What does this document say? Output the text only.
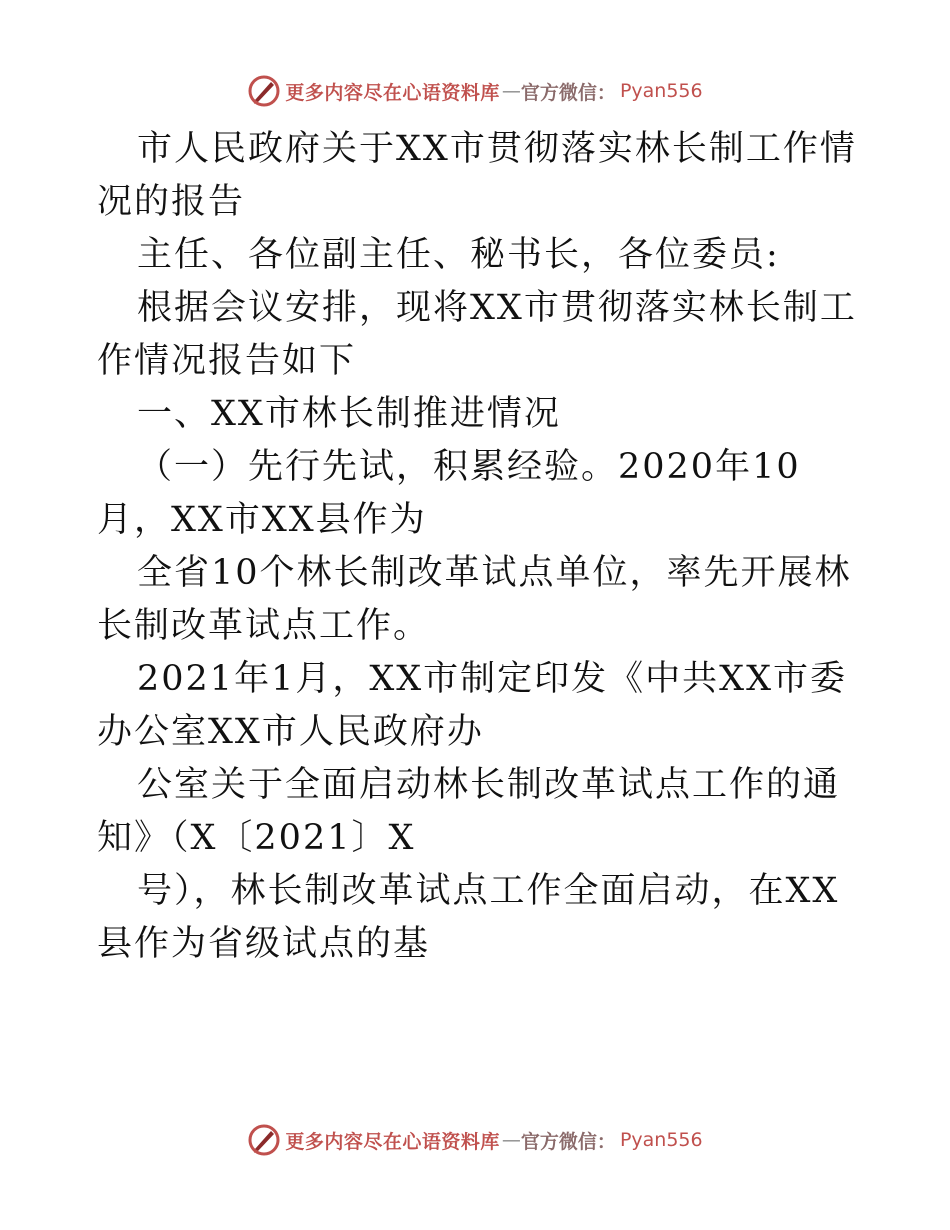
更多内容尽在心语资料库 — 官方微信： Pyan556

市人民政府关于XX市贯彻落实林长制工作情况的报告

主任、各位副主任、秘书长，各位委员:

根据会议安排，现将XX市贯彻落实林长制工作情况报告如下

一、XX市林长制推进情况

（一）先行先试，积累经验。2020年10月，XX市XX县作为

全省10个林长制改革试点单位，率先开展林长制改革试点工作。

2021年1月，XX市制定印发《中共XX市委办公室XX市人民政府办

公室关于全面启动林长制改革试点工作的通知》（X〔2021〕X

号），林长制改革试点工作全面启动，在XX县作为省级试点的基

更多内容尽在心语资料库 — 官方微信： Pyan556
